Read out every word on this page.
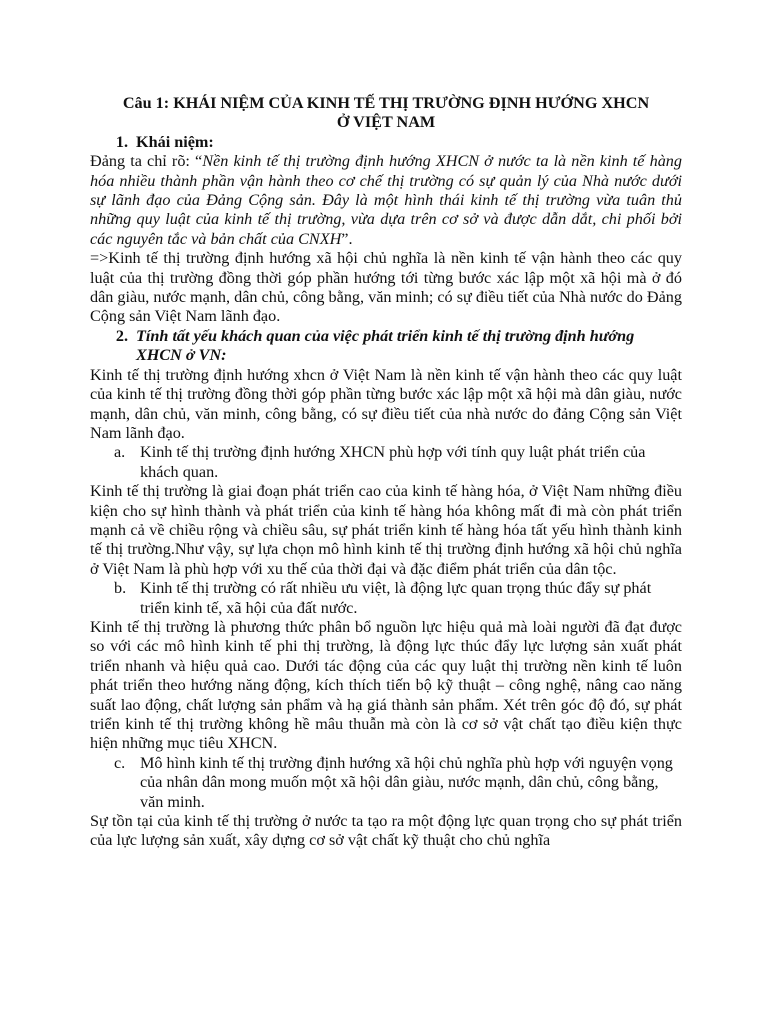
Câu 1: KHÁI NIỆM CỦA KINH TẾ THỊ TRƯỜNG ĐỊNH HƯỚNG XHCN
Ở VIỆT NAM
1. Khái niệm:

Đảng ta chỉ rõ: “Nền kinh tế thị trường định hướng XHCN ở nước ta là nền kinh tế hàng hóa nhiều thành phần vận hành theo cơ chế thị trường có sự quản lý của Nhà nước dưới sự lãnh đạo của Đảng Cộng sản. Đây là một hình thái kinh tế thị trường vừa tuân thủ những quy luật của kinh tế thị trường, vừa dựa trên cơ sở và được dẫn dắt, chi phối bởi các nguyên tắc và bản chất của CNXH”.

=>Kinh tế thị trường định hướng xã hội chủ nghĩa là nền kinh tế vận hành theo các quy luật của thị trường đồng thời góp phần hướng tới từng bước xác lập một xã hội mà ở đó dân giàu, nước mạnh, dân chủ, công bằng, văn minh; có sự điều tiết của Nhà nước do Đảng Cộng sản Việt Nam lãnh đạo.

2. Tính tất yếu khách quan của việc phát triển kinh tế thị trường định hướng XHCN ở VN:

Kinh tế thị trường định hướng xhcn ở Việt Nam là nền kinh tế vận hành theo các quy luật của kinh tế thị trường đồng thời góp phần từng bước xác lập một xã hội mà dân giàu, nước mạnh, dân chủ, văn minh, công bằng, có sự điều tiết của nhà nước do đảng Cộng sản Việt Nam lãnh đạo.

a. Kinh tế thị trường định hướng XHCN phù hợp với tính quy luật phát triển của khách quan.

Kinh tế thị trường là giai đoạn phát triển cao của kinh tế hàng hóa, ở Việt Nam những điều kiện cho sự hình thành và phát triển của kinh tế hàng hóa không mất đi mà còn phát triển mạnh cả về chiều rộng và chiều sâu, sự phát triển kinh tế hàng hóa tất yếu hình thành kinh tế thị trường.Như vậy, sự lựa chọn mô hình kinh tế thị trường định hướng xã hội chủ nghĩa ở Việt Nam là phù hợp với xu thế của thời đại và đặc điểm phát triển của dân tộc.

b. Kinh tế thị trường có rất nhiều ưu việt, là động lực quan trọng thúc đẩy sự phát triển kinh tế, xã hội của đất nước.

Kinh tế thị trường là phương thức phân bổ nguồn lực hiệu quả mà loài người đã đạt được so với các mô hình kinh tế phi thị trường, là động lực thúc đẩy lực lượng sản xuất phát triển nhanh và hiệu quả cao. Dưới tác động của các quy luật thị trường nền kinh tế luôn phát triển theo hướng năng động, kích thích tiến bộ kỹ thuật – công nghệ, nâng cao năng suất lao động, chất lượng sản phẩm và hạ giá thành sản phẩm. Xét trên góc độ đó, sự phát triển kinh tế thị trường không hề mâu thuẫn mà còn là cơ sở vật chất tạo điều kiện thực hiện những mục tiêu XHCN.

c. Mô hình kinh tế thị trường định hướng xã hội chủ nghĩa phù hợp với nguyện vọng của nhân dân mong muốn một xã hội dân giàu, nước mạnh, dân chủ, công bằng, văn minh.

Sự tồn tại của kinh tế thị trường ở nước ta tạo ra một động lực quan trọng cho sự phát triển của lực lượng sản xuất, xây dựng cơ sở vật chất kỹ thuật cho chủ nghĩa
